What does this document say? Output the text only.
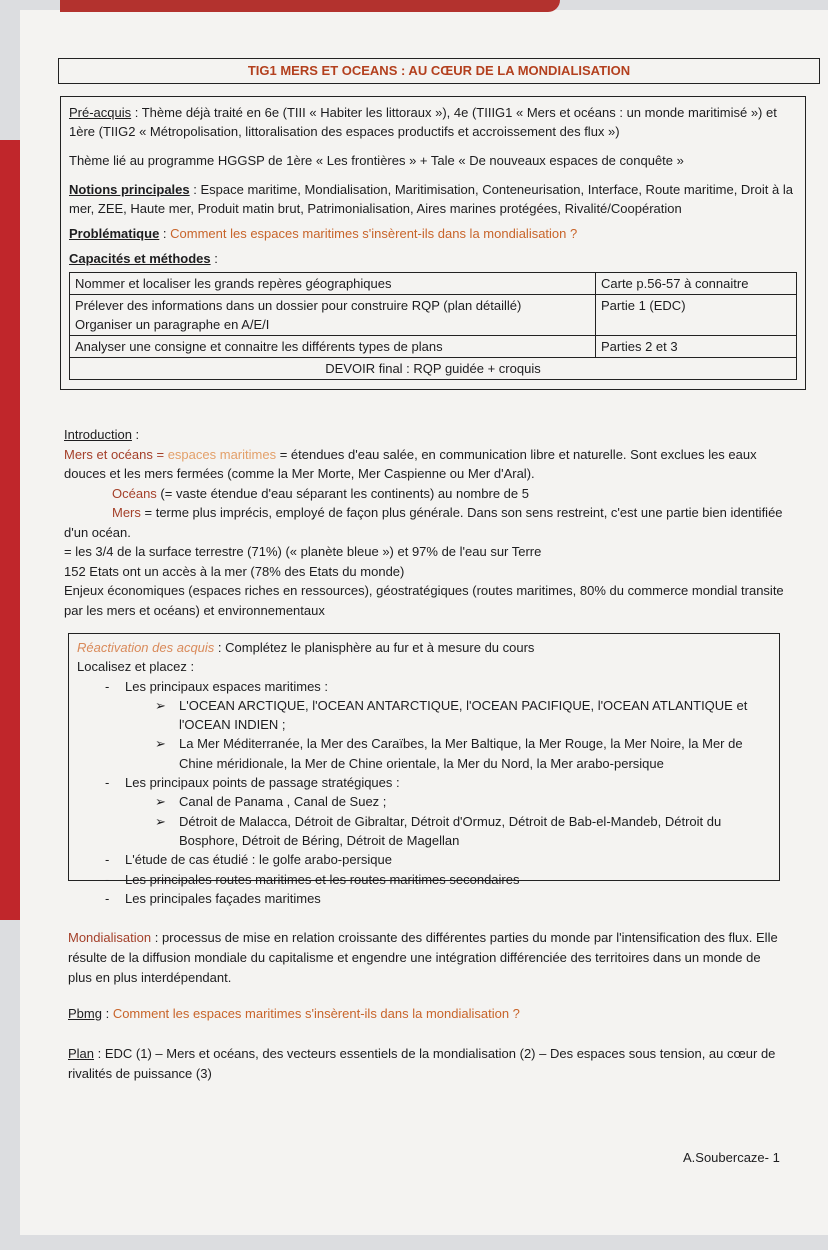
TIG1 MERS ET OCEANS : AU CŒUR DE LA MONDIALISATION

Pré-acquis : Thème déjà traité en 6e (TIII « Habiter les littoraux »), 4e (TIIIG1 « Mers et océans : un monde maritimisé ») et 1ère (TIIG2 « Métropolisation, littoralisation des espaces productifs et accroissement des flux »)

Thème lié au programme HGGSP de 1ère « Les frontières » + Tale « De nouveaux espaces de conquête »

Notions principales : Espace maritime, Mondialisation, Maritimisation, Conteneurisation, Interface, Route maritime, Droit à la mer, ZEE, Haute mer, Produit matin brut, Patrimonialisation, Aires marines protégées, Rivalité/Coopération

Problématique : Comment les espaces maritimes s'insèrent-ils dans la mondialisation ?

Capacités et méthodes :

Nommer et localiser les grands repères géographiques	Carte p.56-57 à connaitre

Prélever des informations dans un dossier pour construire RQP (plan détaillé)
Organiser un paragraphe en A/E/I	Partie 1 (EDC)
Analyser une consigne et connaitre les différents types de plans	Parties 2 et 3
DEVOIR final : RQP guidée + croquis	
Introduction :
Mers et océans = espaces maritimes = étendues d'eau salée, en communication libre et naturelle. Sont exclues les eaux douces et les mers fermées (comme la Mer Morte, Mer Caspienne ou Mer d'Aral).
Océans (= vaste étendue d'eau séparant les continents) au nombre de 5
Mers = terme plus imprécis, employé de façon plus générale. Dans son sens restreint, c'est une partie bien identifiée d'un océan.
= les 3/4 de la surface terrestre (71%) (« planète bleue ») et 97% de l'eau sur Terre
152 Etats ont un accès à la mer (78% des Etats du monde)
Enjeux économiques (espaces riches en ressources), géostratégiques (routes maritimes, 80% du commerce mondial transite par les mers et océans) et environnementaux
Réactivation des acquis : Complétez le planisphère au fur et à mesure du cours
Localisez et placez :
- Les principaux espaces maritimes :
➢ L'OCEAN ARCTIQUE, l'OCEAN ANTARCTIQUE, l'OCEAN PACIFIQUE, l'OCEAN ATLANTIQUE et l'OCEAN INDIEN ;
➢ La Mer Méditerranée, la Mer des Caraïbes, la Mer Baltique, la Mer Rouge, la Mer Noire, la Mer de Chine méridionale, la Mer de Chine orientale, la Mer du Nord, la Mer arabo-persique
- Les principaux points de passage stratégiques :
➢ Canal de Panama , Canal de Suez ;
➢ Détroit de Malacca, Détroit de Gibraltar, Détroit d'Ormuz, Détroit de Bab-el-Mandeb, Détroit du Bosphore, Détroit de Béring, Détroit de Magellan
- L'étude de cas étudié : le golfe arabo-persique
- Les principales routes maritimes et les routes maritimes secondaires
- Les principales façades maritimes
Mondialisation : processus de mise en relation croissante des différentes parties du monde par l'intensification des flux. Elle résulte de la diffusion mondiale du capitalisme et engendre une intégration différenciée des territoires dans un monde de plus en plus interdépendant.
Pbmg : Comment les espaces maritimes s'insèrent-ils dans la mondialisation ?
Plan : EDC (1) – Mers et océans, des vecteurs essentiels de la mondialisation (2) – Des espaces sous tension, au cœur de rivalités de puissance (3)
A.Soubercaze- 1
